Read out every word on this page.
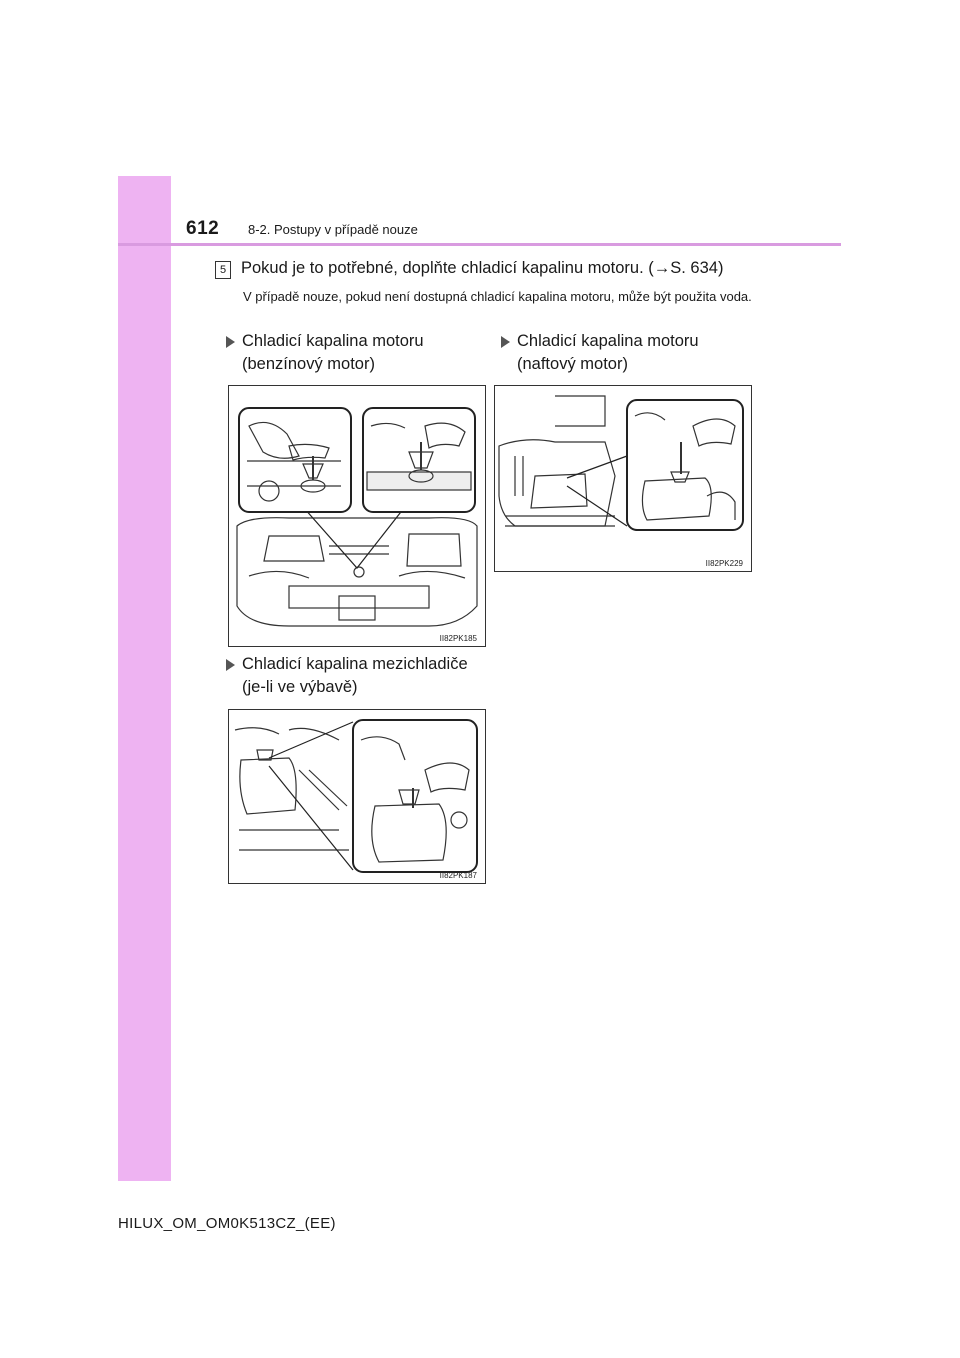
612 8-2. Postupy v případě nouze
5 Pokud je to potřebné, doplňte chladicí kapalinu motoru. (→S. 634)
V případě nouze, pokud není dostupná chladicí kapalina motoru, může být použita voda.
Chladicí kapalina motoru
(benzínový motor)
Chladicí kapalina motoru
(naftový motor)
II82PK185
II82PK229
Chladicí kapalina mezichladiče
(je-li ve výbavě)
II82PK187
HILUX_OM_OM0K513CZ_(EE)
